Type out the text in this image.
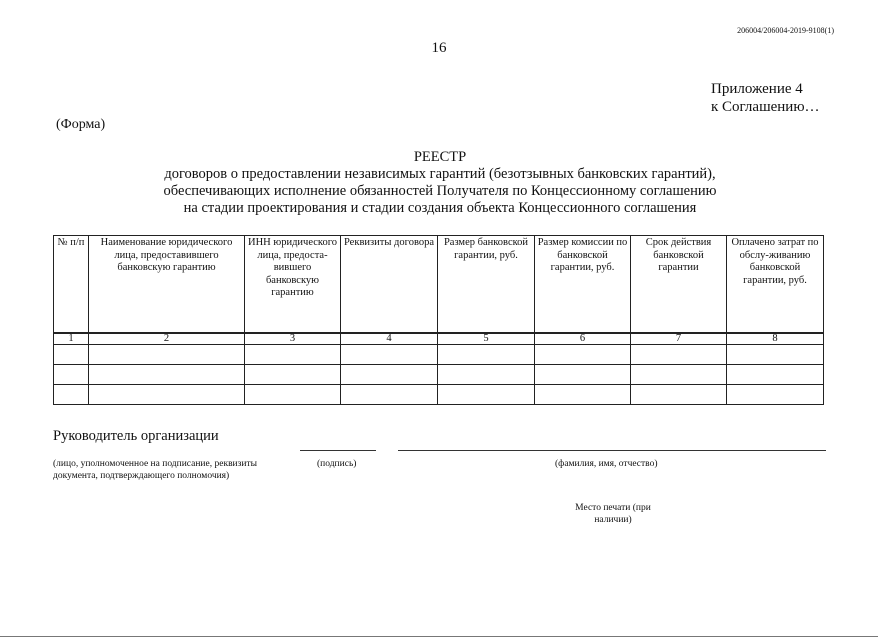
206004/206004-2019-9108(1)
16
Приложение 4
к Соглашению…
(Форма)
РЕЕСТР
договоров о предоставлении независимых гарантий (безотзывных банковских гарантий),
обеспечивающих исполнение обязанностей Получателя по Концессионному соглашению
на стадии проектирования и стадии создания объекта Концессионного соглашения
№ п/п	Наименование юридического лица, предоставившего банковскую гарантию	ИНН юридического лица, предоста-вившего банковскую гарантию	Реквизиты договора	Размер банковской гарантии, руб.	Размер комиссии по банковской гарантии, руб.	Срок действия банковской гарантии	Оплачено затрат по обслу-живанию банковской гарантии, руб.
1	2	3	4	5	6	7	8

Руководитель организации
(лицо, уполномоченное на подписание, реквизиты документа, подтверждающего полномочия)
(подпись)	(фамилия, имя, отчество)
Место печати (при наличии)
